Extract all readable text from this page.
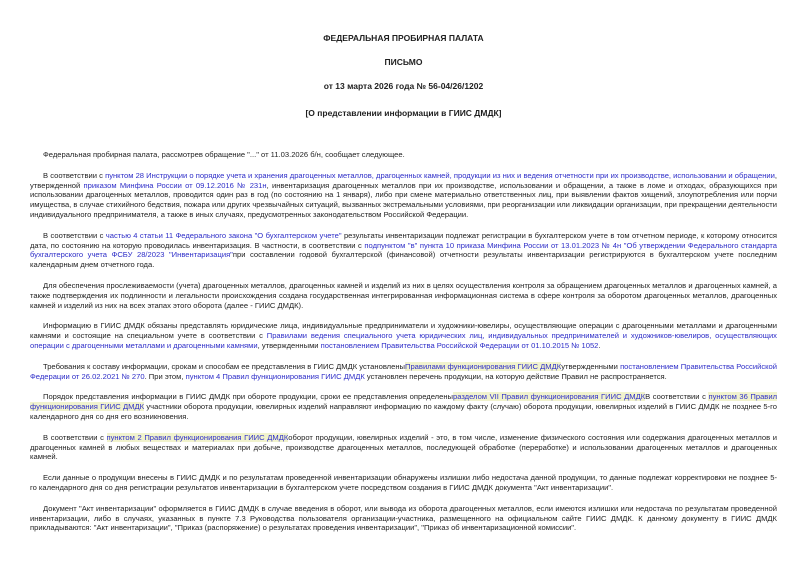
ФЕДЕРАЛЬНАЯ ПРОБИРНАЯ ПАЛАТА
ПИСЬМО
от 13 марта 2026 года № 56-04/26/1202
[О представлении информации в ГИИС ДМДК]

Федеральная пробирная палата, рассмотрев обращение "..." от 11.03.2026 б/н, сообщает следующее.

В соответствии с пунктом 28 Инструкции о порядке учета и хранения драгоценных металлов, драгоценных камней, продукции из них и ведения отчетности при их производстве, использовании и обращении, утвержденной приказом Минфина России от 09.12.2016 № 231н, инвентаризация драгоценных металлов при их производстве, использовании и обращении, а также в ломе и отходах, образующихся при использовании драгоценных металлов, проводится один раз в год (по состоянию на 1 января), либо при смене материально ответственных лиц, при выявлении фактов хищений, злоупотребления или порчи имущества, в случае стихийного бедствия, пожара или других чрезвычайных ситуаций, вызванных экстремальными условиями, при реорганизации или ликвидации организации, при прекращении деятельности индивидуального предпринимателя, а также в иных случаях, предусмотренных законодательством Российской Федерации.

В соответствии с частью 4 статьи 11 Федерального закона "О бухгалтерском учете" результаты инвентаризации подлежат регистрации в бухгалтерском учете в том отчетном периоде, к которому относится дата, по состоянию на которую проводилась инвентаризация. В частности, в соответствии с подпунктом "в" пункта 10 приказа Минфина России от 13.01.2023 № 4н "Об утверждении Федерального стандарта бухгалтерского учета ФСБУ 28/2023 "Инвентаризация"при составлении годовой бухгалтерской (финансовой) отчетности результаты инвентаризации регистрируются в бухгалтерском учете последним календарным днем отчетного года.

Для обеспечения прослеживаемости (учета) драгоценных металлов, драгоценных камней и изделий из них в целях осуществления контроля за обращением драгоценных металлов и драгоценных камней, а также подтверждения их подлинности и легальности происхождения создана государственная интегрированная информационная система в сфере контроля за оборотом драгоценных металлов, драгоценных камней и изделий из них на всех этапах этого оборота (далее - ГИИС ДМДК).

Информацию в ГИИС ДМДК обязаны представлять юридические лица, индивидуальные предприниматели и художники-ювелиры, осуществляющие операции с драгоценными металлами и драгоценными камнями и состоящие на специальном учете в соответствии с Правилами ведения специального учета юридических лиц, индивидуальных предпринимателей и художников-ювелиров, осуществляющих операции с драгоценными металлами и драгоценными камнями, утвержденными постановлением Правительства Российской Федерации от 01.10.2015 № 1052.

Требования к составу информации, срокам и способам ее представления в ГИИС ДМДК установленыПравилами функционирования ГИИС ДМДКутвержденными постановлением Правительства Российской Федерации от 26.02.2021 № 270. При этом, пунктом 4 Правил функционирования ГИИС ДМДК установлен перечень продукции, на которую действие Правил не распространяется.

Порядок представления информации в ГИИС ДМДК при обороте продукции, сроки ее представления определеныразделом VII Правил функционирования ГИИС ДМДКВ соответствии с пунктом 36 Правил функционирования ГИИС ДМДК участники оборота продукции, ювелирных изделий направляют информацию по каждому факту (случаю) оборота продукции, ювелирных изделий в ГИИС ДМДК не позднее 5-го календарного дня со дня его возникновения.

В соответствии с пунктом 2 Правил функционирования ГИИС ДМДКоборот продукции, ювелирных изделий - это, в том числе, изменение физического состояния или содержания драгоценных металлов и драгоценных камней в любых веществах и материалах при добыче, производстве драгоценных металлов, последующей обработке (переработке) и использовании драгоценных металлов и драгоценных камней.

Если данные о продукции внесены в ГИИС ДМДК и по результатам проведенной инвентаризации обнаружены излишки либо недостача данной продукции, то данные подлежат корректировки не позднее 5-го календарного дня со дня регистрации результатов инвентаризации в бухгалтерском учете посредством создания в ГИИС ДМДК документа "Акт инвентаризации".

Документ "Акт инвентаризации" оформляется в ГИИС ДМДК в случае введения в оборот, или вывода из оборота драгоценных металлов, если имеются излишки или недостача по результатам проведенной инвентаризации, либо в случаях, указанных в пункте 7.3 Руководства пользователя организации-участника, размещенного на официальном сайте ГИИС ДМДК. К данному документу в ГИИС ДМДК прикладываются: "Акт инвентаризации", "Приказ (распоряжение) о результатах проведения инвентаризации", "Приказ об инвентаризационной комиссии".
